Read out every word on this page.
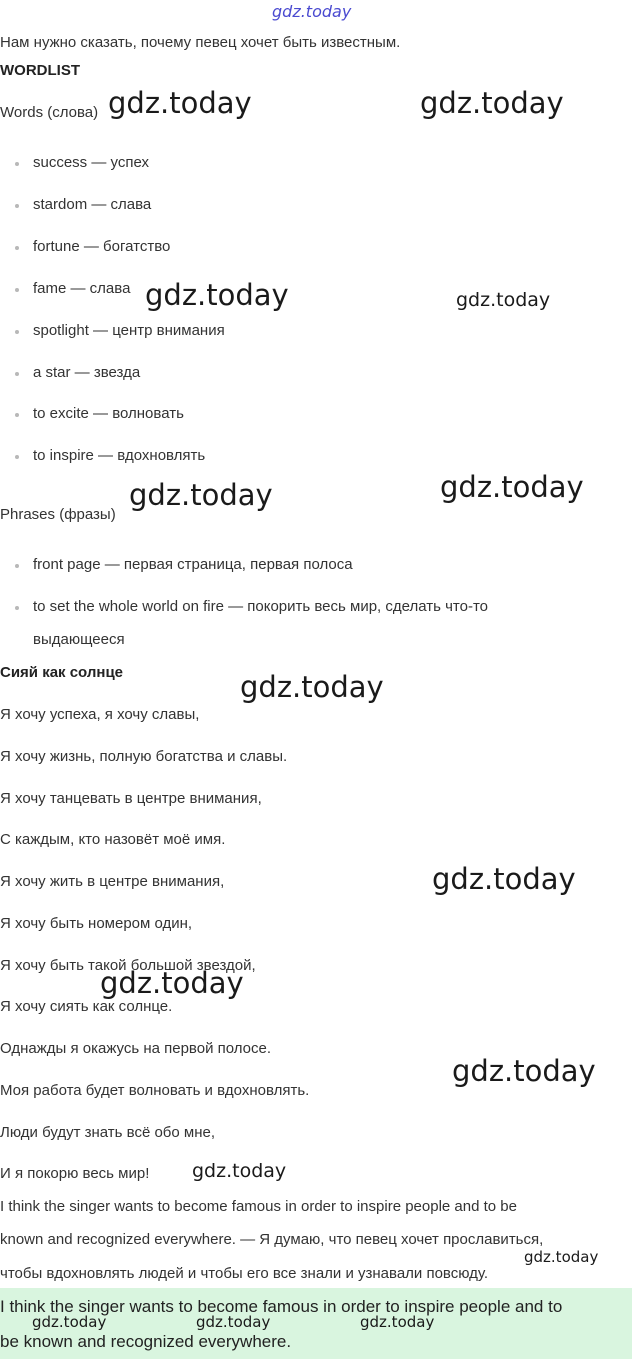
gdz.today
Нам нужно сказать, почему певец хочет быть известным.
WORDLIST
Words (слова)
success — успех
stardom — слава
fortune — богатство
fame — слава
spotlight — центр внимания
a star — звезда
to excite — волновать
to inspire — вдохновлять
Phrases (фразы)
front page — первая страница, первая полоса
to set the whole world on fire — покорить весь мир, сделать что-то
выдающееся
Сияй как солнце
Я хочу успеха, я хочу славы,
Я хочу жизнь, полную богатства и славы.
Я хочу танцевать в центре внимания,
С каждым, кто назовёт моё имя.
Я хочу жить в центре внимания,
Я хочу быть номером один,
Я хочу быть такой большой звездой,
Я хочу сиять как солнце.
Однажды я окажусь на первой полосе.
Моя работа будет волновать и вдохновлять.
Люди будут знать всё обо мне,
И я покорю весь мир!
I think the singer wants to become famous in order to inspire people and to be
known and recognized everywhere. — Я думаю, что певец хочет прославиться,
чтобы вдохновлять людей и чтобы его все знали и узнавали повсюду.
I think the singer wants to become famous in order to inspire people and to
be known and recognized everywhere.
gdz.today	gdz.today
gdz.today	gdz.today
gdz.today	gdz.today
gdz.today
gdz.today
gdz.today
gdz.today
gdz.today
gdz.today
gdz.today	gdz.today	gdz.today
